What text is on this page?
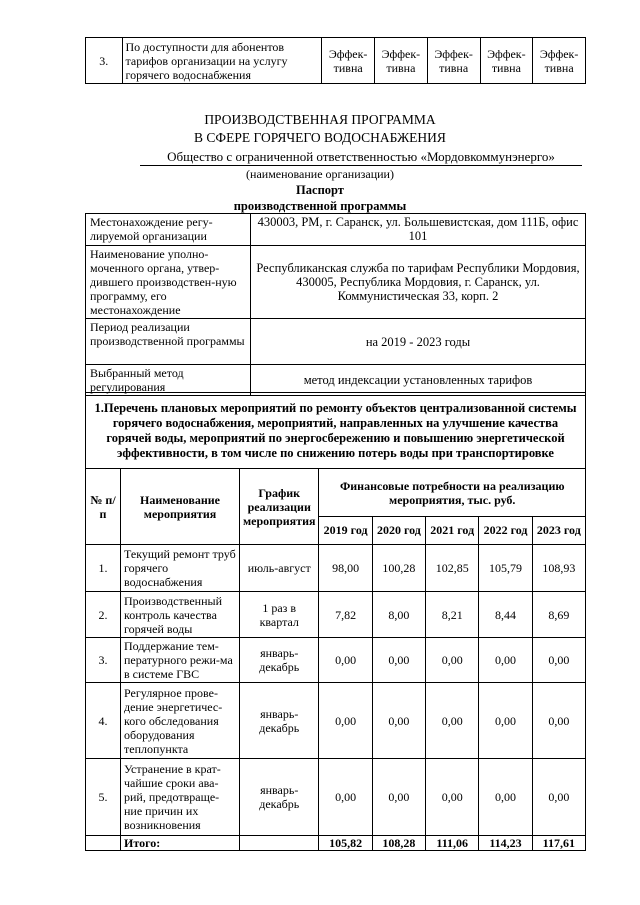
3.	По доступности для абонентов тарифов организации на услугу горячего водоснабжения	Эффек-тивна	Эффек-тивна	Эффек-тивна	Эффек-тивна	Эффек-тивна
ПРОИЗВОДСТВЕННАЯ ПРОГРАММА
В СФЕРЕ ГОРЯЧЕГО ВОДОСНАБЖЕНИЯ
Общество с ограниченной ответственностью «Мордовкоммунэнерго»
(наименование организации)
Паспорт
производственной программы
Местонахождение регу-лируемой организации	430003, РМ, г. Саранск, ул. Большевистская, дом 111Б, офис 101
Наименование уполно-моченного органа, утвер-дившего производствен-ную программу, его местонахождение	Республиканская служба по тарифам Республики Мордовия, 430005, Республика Мордовия, г. Саранск, ул. Коммунистическая 33, корп. 2
Период реализации производственной программы	на 2019 - 2023 годы
Выбранный метод регулирования	метод индексации установленных тарифов
1.Перечень плановых мероприятий по ремонту объектов централизованной системы горячего водоснабжения, мероприятий, направленных на улучшение качества горячей воды, мероприятий по энергосбережению и повышению энергетической эффективности, в том числе по снижению потерь воды при транспортировке							
№ п/п	Наименование мероприятия	График реализации мероприятия	Финансовые потребности на реализацию мероприятия, тыс. руб.				
			2019 год	2020 год	2021 год	2022 год	2023 год
1.	Текущий ремонт труб горячего водоснабжения	июль-август	98,00	100,28	102,85	105,79	108,93
2.	Производственный контроль качества горячей воды	1 раз в квартал	7,82	8,00	8,21	8,44	8,69
3.	Поддержание тем-пературного режи-ма в системе ГВС	январь-декабрь	0,00	0,00	0,00	0,00	0,00
4.	Регулярное прове-дение энергетичес-кого обследования оборудования теплопункта	январь-декабрь	0,00	0,00	0,00	0,00	0,00
5.	Устранение в крат-чайшие сроки ава-рий, предотвраще-ние причин их возникновения	январь-декабрь	0,00	0,00	0,00	0,00	0,00
	Итого:		105,82	108,28	111,06	114,23	117,61
